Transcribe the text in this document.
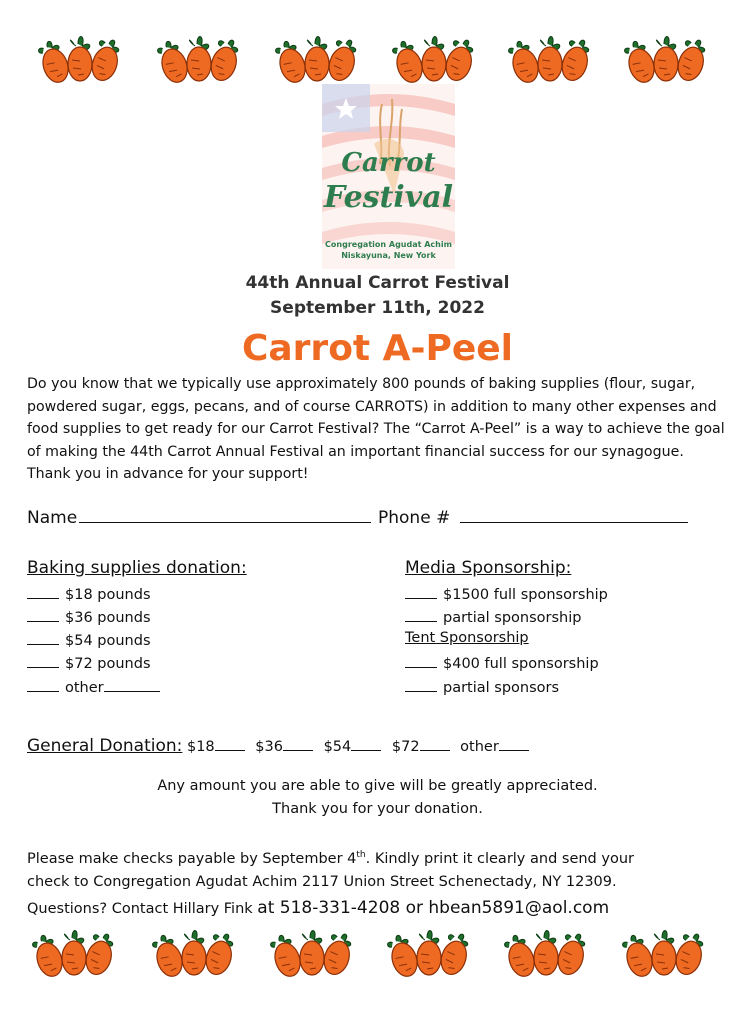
Carrot
Festival
Congregation Agudat Achim
Niskayuna, New York
44th Annual Carrot Festival
September 11th, 2022
Carrot A-Peel

Do you know that we typically use approximately 800 pounds of baking supplies (flour, sugar, powdered sugar, eggs, pecans, and of course CARROTS) in addition to many other expenses and food supplies to get ready for our Carrot Festival? The “Carrot A-Peel” is a way to achieve the goal of making the 44th Carrot Annual Festival an important financial success for our synagogue. Thank you in advance for your support!

Name	Phone #
Baking supplies donation:
$18 pounds
$36 pounds
$54 pounds
$72 pounds
other
Media Sponsorship:
$1500 full sponsorship
partial sponsorship
Tent Sponsorship
$400 full sponsorship
partial sponsors
General Donation: $18	$36	$54	$72	other
Any amount you are able to give will be greatly appreciated.
Thank you for your donation.
Please make checks payable by September 4th. Kindly print it clearly and send your
check to Congregation Agudat Achim 2117 Union Street Schenectady, NY 12309.
Questions? Contact Hillary Fink at 518-331-4208 or hbean5891@aol.com
